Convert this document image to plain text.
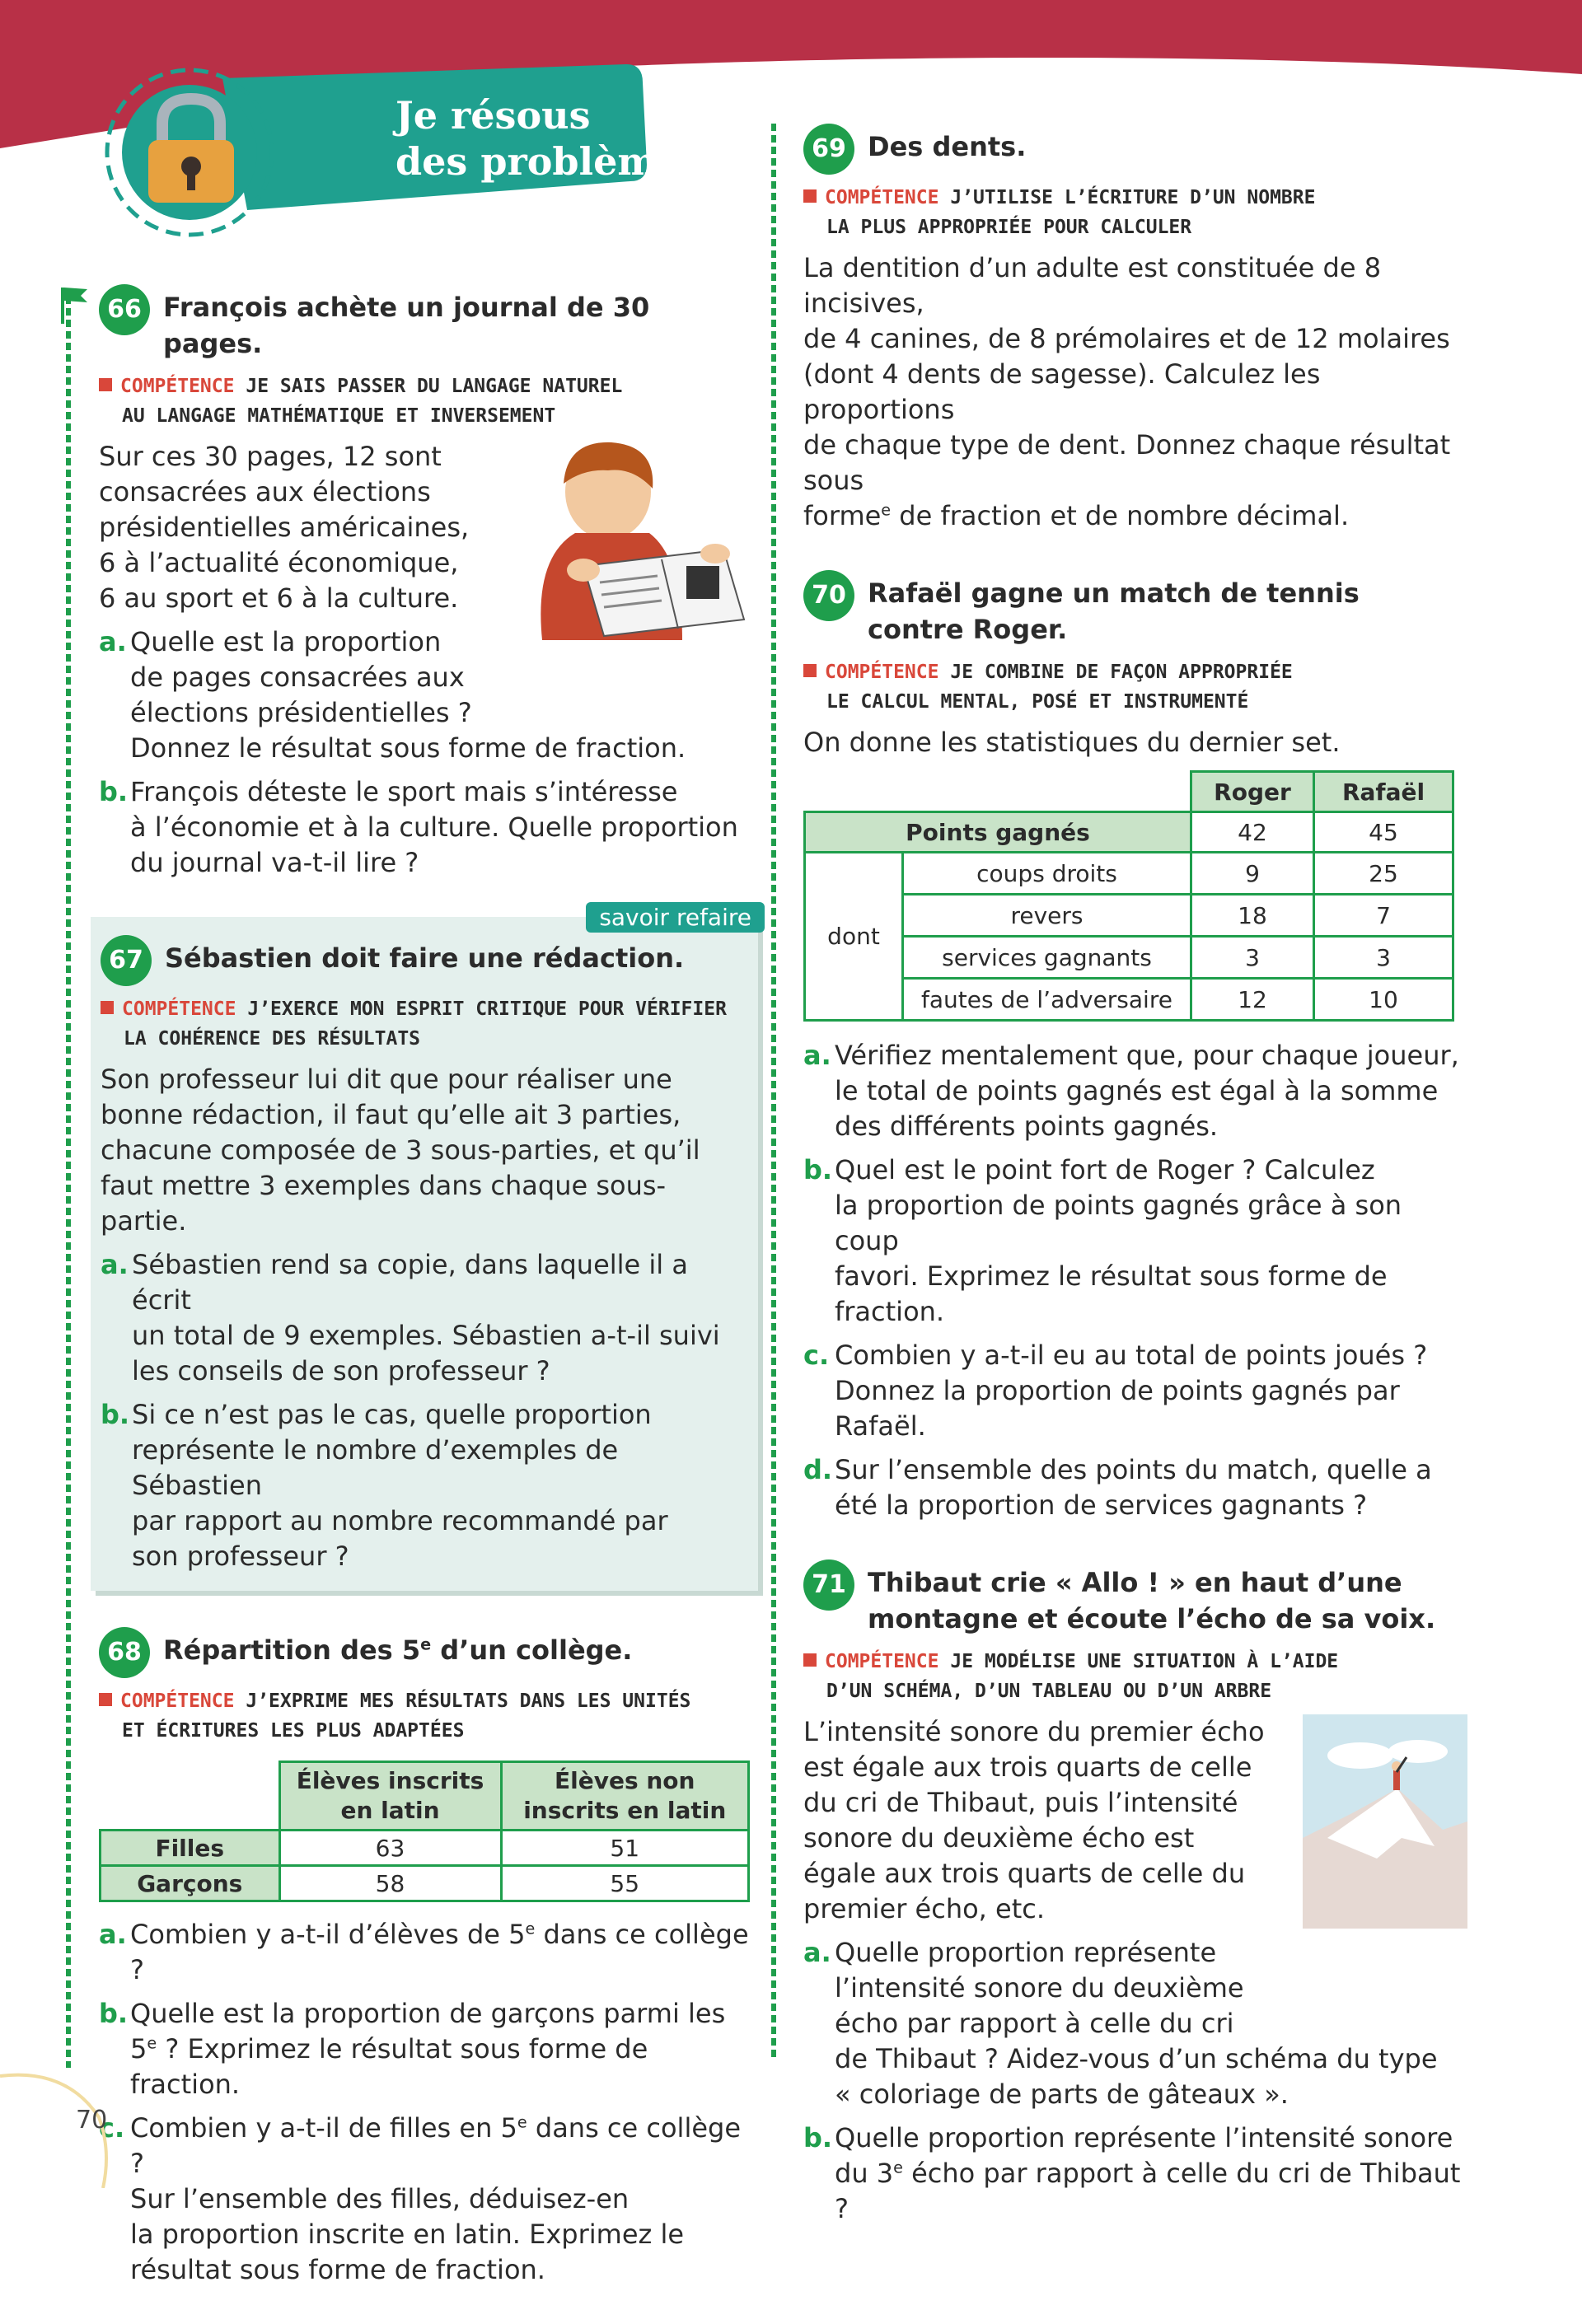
Je résous
des problèmes
66 François achète un journal de 30 pages.
COMPÉTENCE JE SAIS PASSER DU LANGAGE NATUREL
AU LANGAGE MATHÉMATIQUE ET INVERSEMENT

Sur ces 30 pages, 12 sont
consacrées aux élections
présidentielles américaines,
6 à l’actualité économique,
6 au sport et 6 à la culture.

a. Quelle est la proportion
de pages consacrées aux
élections présidentielles ?
Donnez le résultat sous forme de fraction.
b. François déteste le sport mais s’intéresse
à l’économie et à la culture. Quelle proportion
du journal va-t-il lire ?
savoir refaire
67 Sébastien doit faire une rédaction.
COMPÉTENCE J’EXERCE MON ESPRIT CRITIQUE POUR VÉRIFIER
LA COHÉRENCE DES RÉSULTATS

Son professeur lui dit que pour réaliser une
bonne rédaction, il faut qu’elle ait 3 parties,
chacune composée de 3 sous-parties, et qu’il
faut mettre 3 exemples dans chaque sous-partie.

a. Sébastien rend sa copie, dans laquelle il a écrit
un total de 9 exemples. Sébastien a-t-il suivi
les conseils de son professeur ?
b. Si ce n’est pas le cas, quelle proportion
représente le nombre d’exemples de Sébastien
par rapport au nombre recommandé par
son professeur ?
68 Répartition des 5e d’un collège.
COMPÉTENCE J’EXPRIME MES RÉSULTATS DANS LES UNITÉS
ET ÉCRITURES LES PLUS ADAPTÉES
	Élèves inscrits en latin	Élèves non inscrits en latin
Filles	63	51
Garçons	58	55
a. Combien y a-t-il d’élèves de 5e dans ce collège ?
b. Quelle est la proportion de garçons parmi les
5e ? Exprimez le résultat sous forme de fraction.
c. Combien y a-t-il de filles en 5e dans ce collège ?
Sur l’ensemble des filles, déduisez-en
la proportion inscrite en latin. Exprimez le
résultat sous forme de fraction.
69 Des dents.
COMPÉTENCE J’UTILISE L’ÉCRITURE D’UN NOMBRE
LA PLUS APPROPRIÉE POUR CALCULER

La dentition d’un adulte est constituée de 8 incisives,
de 4 canines, de 8 prémolaires et de 12 molaires
(dont 4 dents de sagesse). Calculez les proportions
de chaque type de dent. Donnez chaque résultat sous
forme$^e$ de fraction et de nombre décimal.

70 Rafaël gagne un match de tennis
contre Roger.
COMPÉTENCE JE COMBINE DE FAÇON APPROPRIÉE
LE CALCUL MENTAL, POSÉ ET INSTRUMENTÉ

On donne les statistiques du dernier set.

		Roger	Rafaël
Points gagnés		42	45
dont	coups droits	9	25
	revers	18	7
	services gagnants	3	3
	fautes de l’adversaire	12	10
a. Vérifiez mentalement que, pour chaque joueur,
le total de points gagnés est égal à la somme
des différents points gagnés.
b. Quel est le point fort de Roger ? Calculez
la proportion de points gagnés grâce à son coup
favori. Exprimez le résultat sous forme de fraction.
c. Combien y a-t-il eu au total de points joués ?
Donnez la proportion de points gagnés par Rafaël.
d. Sur l’ensemble des points du match, quelle a
été la proportion de services gagnants ?
71 Thibaut crie « Allo ! » en haut d’une
montagne et écoute l’écho de sa voix.
COMPÉTENCE JE MODÉLISE UNE SITUATION À L’AIDE
D’UN SCHÉMA, D’UN TABLEAU OU D’UN ARBRE

L’intensité sonore du premier écho
est égale aux trois quarts de celle
du cri de Thibaut, puis l’intensité
sonore du deuxième écho est
égale aux trois quarts de celle du
premier écho, etc.

a. Quelle proportion représente
l’intensité sonore du deuxième
écho par rapport à celle du cri
de Thibaut ? Aidez-vous d’un schéma du type
« coloriage de parts de gâteaux ».
b. Quelle proportion représente l’intensité sonore
du 3e écho par rapport à celle du cri de Thibaut ?
70
